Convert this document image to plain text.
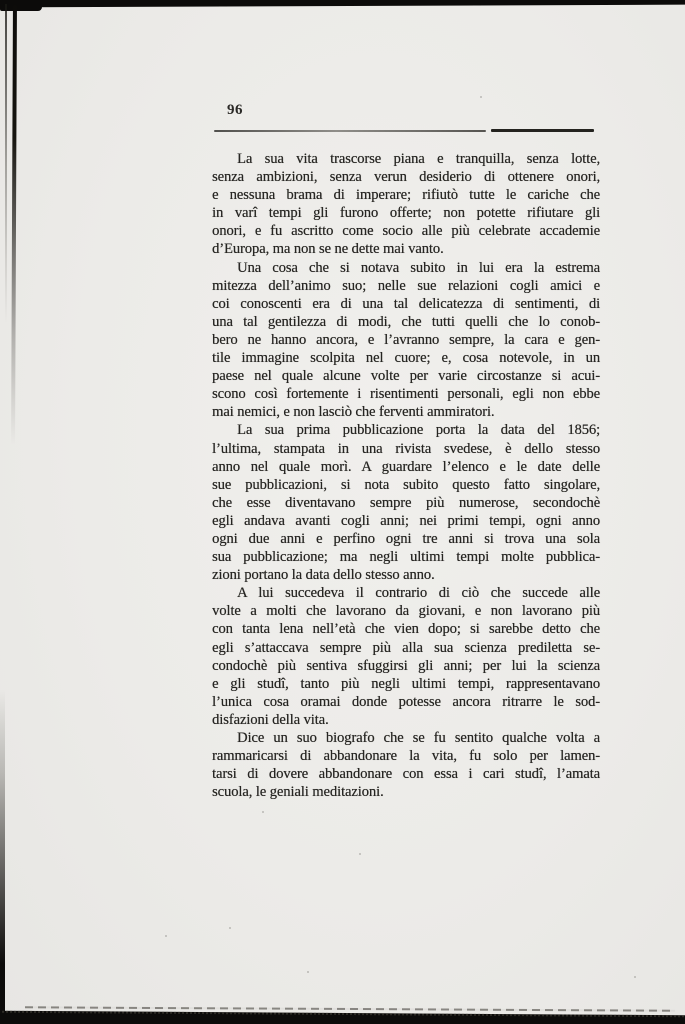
96
La sua vita trascorse piana e tranquilla, senza lotte,
senza ambizioni, senza verun desiderio di ottenere onori,
e nessuna brama di imperare; rifiutò tutte le cariche che
in varî tempi gli furono offerte; non potette rifiutare gli
onori, e fu ascritto come socio alle più celebrate accademie
d’Europa, ma non se ne dette mai vanto.
Una cosa che si notava subito in lui era la estrema
mitezza dell’animo suo; nelle sue relazioni cogli amici e
coi conoscenti era di una tal delicatezza di sentimenti, di
una tal gentilezza di modi, che tutti quelli che lo conob-
bero ne hanno ancora, e l’avranno sempre, la cara e gen-
tile immagine scolpita nel cuore; e, cosa notevole, in un
paese nel quale alcune volte per varie circostanze si acui-
scono così fortemente i risentimenti personali, egli non ebbe
mai nemici, e non lasciò che ferventi ammiratori.
La sua prima pubblicazione porta la data del 1856;
l’ultima, stampata in una rivista svedese, è dello stesso
anno nel quale morì. A guardare l’elenco e le date delle
sue pubblicazioni, si nota subito questo fatto singolare,
che esse diventavano sempre più numerose, secondochè
egli andava avanti cogli anni; nei primi tempi, ogni anno
ogni due anni e perfino ogni tre anni si trova una sola
sua pubblicazione; ma negli ultimi tempi molte pubblica-
zioni portano la data dello stesso anno.
A lui succedeva il contrario di ciò che succede alle
volte a molti che lavorano da giovani, e non lavorano più
con tanta lena nell’età che vien dopo; si sarebbe detto che
egli s’attaccava sempre più alla sua scienza prediletta se-
condochè più sentiva sfuggirsi gli anni; per lui la scienza
e gli studî, tanto più negli ultimi tempi, rappresentavano
l’unica cosa oramai donde potesse ancora ritrarre le sod-
disfazioni della vita.
Dice un suo biografo che se fu sentito qualche volta a
rammaricarsi di abbandonare la vita, fu solo per lamen-
tarsi di dovere abbandonare con essa i cari studî, l’amata
scuola, le geniali meditazioni.
